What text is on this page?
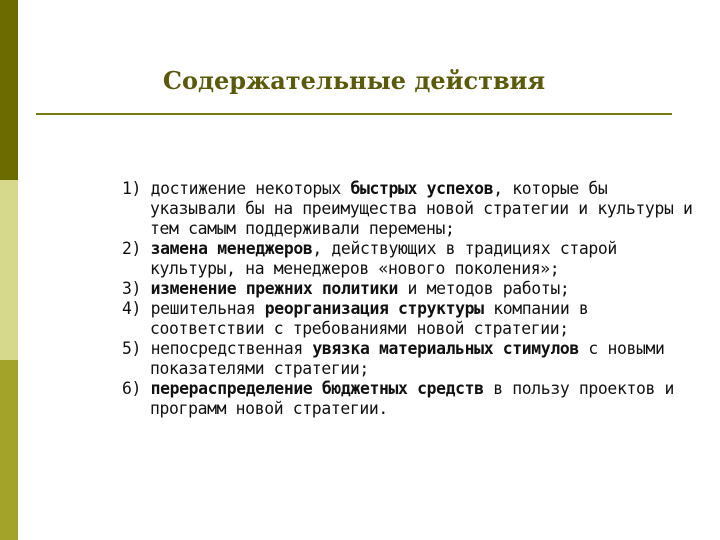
Содержательные действия
1) достижение некоторых быстрых успехов, которые бы указывали бы на преимущества новой стратегии и культуры и тем самым поддерживали перемены;
2) замена менеджеров, действующих в традициях старой культуры, на менеджеров «нового поколения»;
3) изменение прежних политики и методов работы;
4) решительная реорганизация структуры компании в соответствии с требованиями новой стратегии;
5) непосредственная увязка материальных стимулов с новыми показателями стратегии;
6) перераспределение бюджетных средств в пользу проектов и программ новой стратегии.
